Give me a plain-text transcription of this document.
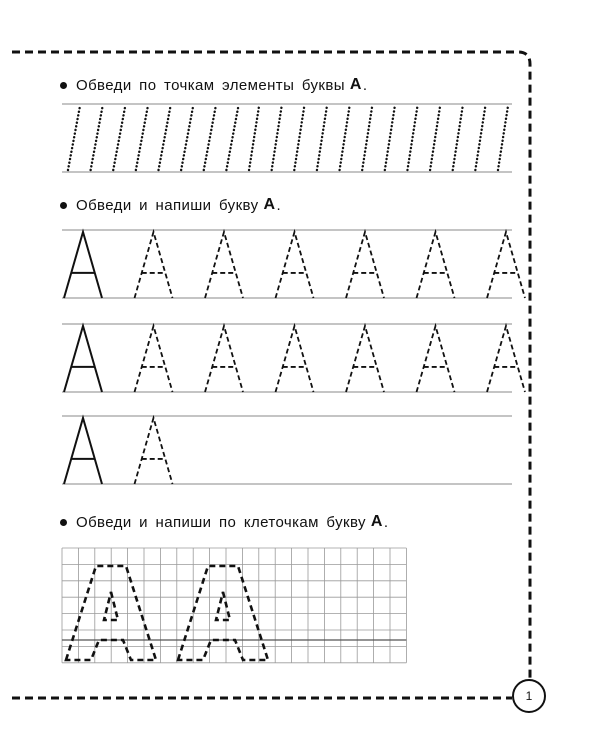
Обведи по точкам элементы буквы А .
Обведи и напиши букву А .
Обведи и напиши по клеточкам букву А .
1
